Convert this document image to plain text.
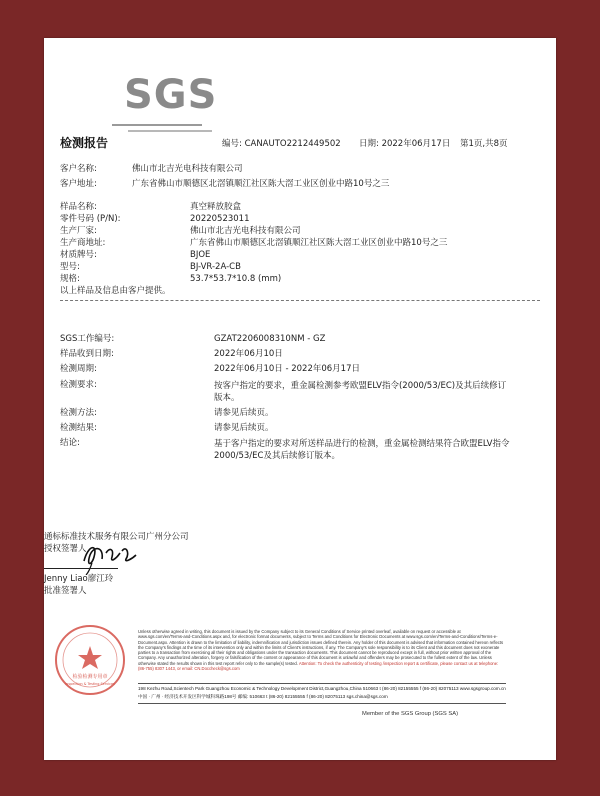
SGS
检测报告	编号: CANAUTO2212449502 日期: 2022年06月17日 第1页,共8页
客户名称:	佛山市北吉光电科技有限公司
客户地址:	广东省佛山市顺德区北滘镇顺江社区陈大滘工业区创业中路10号之三
样品名称:	真空释放胶盒
零件号码 (P/N):	20220523011
生产厂家:	佛山市北吉光电科技有限公司
生产商地址:	广东省佛山市顺德区北滘镇顺江社区陈大滘工业区创业中路10号之三
材质牌号:	BJOE
型号:	BJ-VR-2A-CB
规格:	53.7*53.7*10.8 (mm)
以上样品及信息由客户提供。
SGS工作编号:	GZAT2206008310NM - GZ
样品收到日期:	2022年06月10日
检测周期:	2022年06月10日 - 2022年06月17日
检测要求:	按客户指定的要求，重金属检测参考欧盟ELV指令(2000/53/EC)及其后续修订版本。
检测方法:	请参见后续页。
检测结果:	请参见后续页。
结论:	基于客户指定的要求对所送样品进行的检测，重金属检测结果符合欧盟ELV指令2000/53/EC及其后续修订版本。
通标标准技术服务有限公司广州分公司
授权签署人
Jenny Liao廖江玲
批准签署人
检验检测专用章
Inspection & Testing Services
Unless otherwise agreed in writing, this document is issued by the Company subject to its General Conditions of Service printed overleaf, available on request or accessible at www.sgs.com/en/Terms-and-Conditions.aspx and, for electronic format documents, subject to Terms and Conditions for Electronic Documents at www.sgs.com/en/Terms-and-Conditions/Terms-e-Document.aspx. Attention is drawn to the limitation of liability, indemnification and jurisdiction issues defined therein. Any holder of this document is advised that information contained hereon reflects the Company's findings at the time of its intervention only and within the limits of Client's instructions, if any. The Company's sole responsibility is to its Client and this document does not exonerate parties to a transaction from exercising all their rights and obligations under the transaction documents. This document cannot be reproduced except in full, without prior written approval of the Company. Any unauthorized alteration, forgery or falsification of the content or appearance of this document is unlawful and offenders may be prosecuted to the fullest extent of the law. Unless otherwise stated the results shown in this test report refer only to the sample(s) tested. Attention: To check the authenticity of testing /inspection report & certificate, please contact us at telephone: (86-755) 8307 1443, or email: CN.Doccheck@sgs.com
198 Kezhu Road,Scientech Park Guangzhou Economic & Technology Development District,Guangzhou,China 510663 t (86-20) 82155555 f (86-20) 82075113 www.sgsgroup.com.cn
中国 · 广州 · 经济技术开发区科学城科珠路198号 邮编: 510663 t (86-20) 82155555 f (86-20) 82075113 sgs.china@sgs.com
Member of the SGS Group (SGS SA)
